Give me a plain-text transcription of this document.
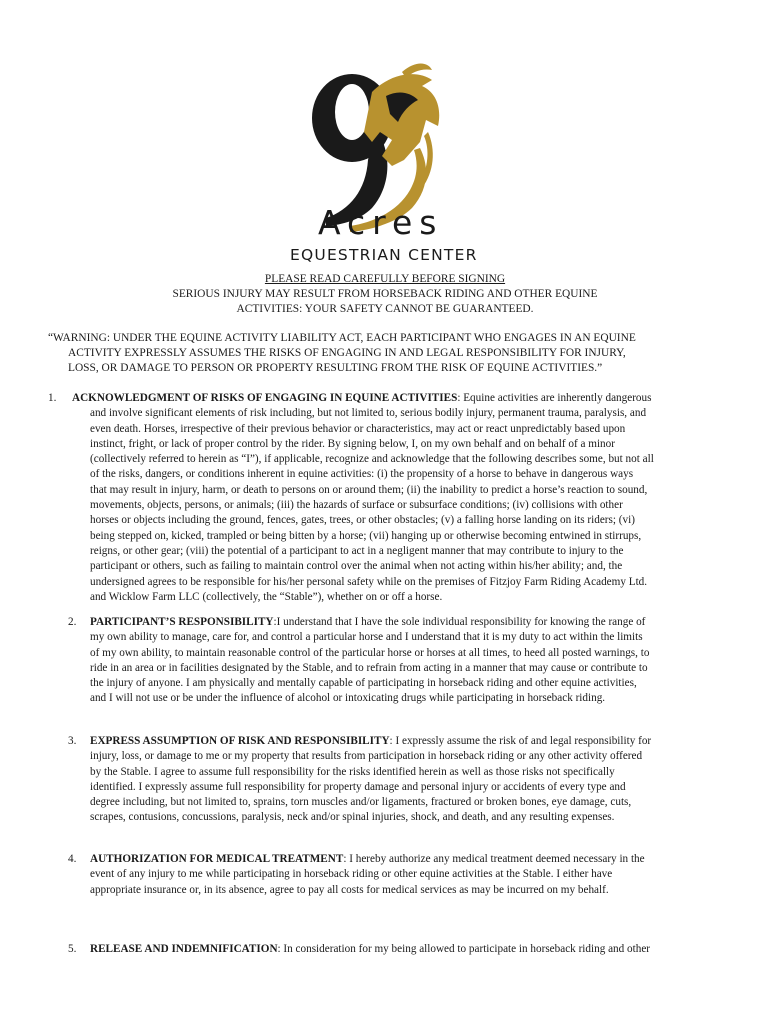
Acres
EQUESTRIAN CENTER
PLEASE READ CAREFULLY BEFORE SIGNING
SERIOUS INJURY MAY RESULT FROM HORSEBACK RIDING AND OTHER EQUINE
ACTIVITIES: YOUR SAFETY CANNOT BE GUARANTEED.
“WARNING: UNDER THE EQUINE ACTIVITY LIABILITY ACT, EACH PARTICIPANT WHO ENGAGES IN AN EQUINE
ACTIVITY EXPRESSLY ASSUMES THE RISKS OF ENGAGING IN AND LEGAL RESPONSIBILITY FOR INJURY,
LOSS, OR DAMAGE TO PERSON OR PROPERTY RESULTING FROM THE RISK OF EQUINE ACTIVITIES.”
1. ACKNOWLEDGMENT OF RISKS OF ENGAGING IN EQUINE ACTIVITIES: Equine activities are inherently dangerous
and involve significant elements of risk including, but not limited to, serious bodily injury, permanent trauma, paralysis, and
even death. Horses, irrespective of their previous behavior or characteristics, may act or react unpredictably based upon
instinct, fright, or lack of proper control by the rider. By signing below, I, on my own behalf and on behalf of a minor
(collectively referred to herein as “I”), if applicable, recognize and acknowledge that the following describes some, but not all
of the risks, dangers, or conditions inherent in equine activities: (i) the propensity of a horse to behave in dangerous ways
that may result in injury, harm, or death to persons on or around them; (ii) the inability to predict a horse’s reaction to sound,
movements, objects, persons, or animals; (iii) the hazards of surface or subsurface conditions; (iv) collisions with other
horses or objects including the ground, fences, gates, trees, or other obstacles; (v) a falling horse landing on its riders; (vi)
being stepped on, kicked, trampled or being bitten by a horse; (vii) hanging up or otherwise becoming entwined in stirrups,
reigns, or other gear; (viii) the potential of a participant to act in a negligent manner that may contribute to injury to the
participant or others, such as failing to maintain control over the animal when not acting within his/her ability; and, the
undersigned agrees to be responsible for his/her personal safety while on the premises of Fitzjoy Farm Riding Academy Ltd.
and Wicklow Farm LLC (collectively, the “Stable”), whether on or off a horse.
2. PARTICIPANT’S RESPONSIBILITY:I understand that I have the sole individual responsibility for knowing the range of
my own ability to manage, care for, and control a particular horse and I understand that it is my duty to act within the limits
of my own ability, to maintain reasonable control of the particular horse or horses at all times, to heed all posted warnings, to
ride in an area or in facilities designated by the Stable, and to refrain from acting in a manner that may cause or contribute to
the injury of anyone. I am physically and mentally capable of participating in horseback riding and other equine activities,
and I will not use or be under the influence of alcohol or intoxicating drugs while participating in horseback riding.
3. EXPRESS ASSUMPTION OF RISK AND RESPONSIBILITY: I expressly assume the risk of and legal responsibility for
injury, loss, or damage to me or my property that results from participation in horseback riding or any other activity offered
by the Stable. I agree to assume full responsibility for the risks identified herein as well as those risks not specifically
identified. I expressly assume full responsibility for property damage and personal injury or accidents of every type and
degree including, but not limited to, sprains, torn muscles and/or ligaments, fractured or broken bones, eye damage, cuts,
scrapes, contusions, concussions, paralysis, neck and/or spinal injuries, shock, and death, and any resulting expenses.
4. AUTHORIZATION FOR MEDICAL TREATMENT: I hereby authorize any medical treatment deemed necessary in the
event of any injury to me while participating in horseback riding or other equine activities at the Stable. I either have
appropriate insurance or, in its absence, agree to pay all costs for medical services as may be incurred on my behalf.
5. RELEASE AND INDEMNIFICATION: In consideration for my being allowed to participate in horseback riding and other
